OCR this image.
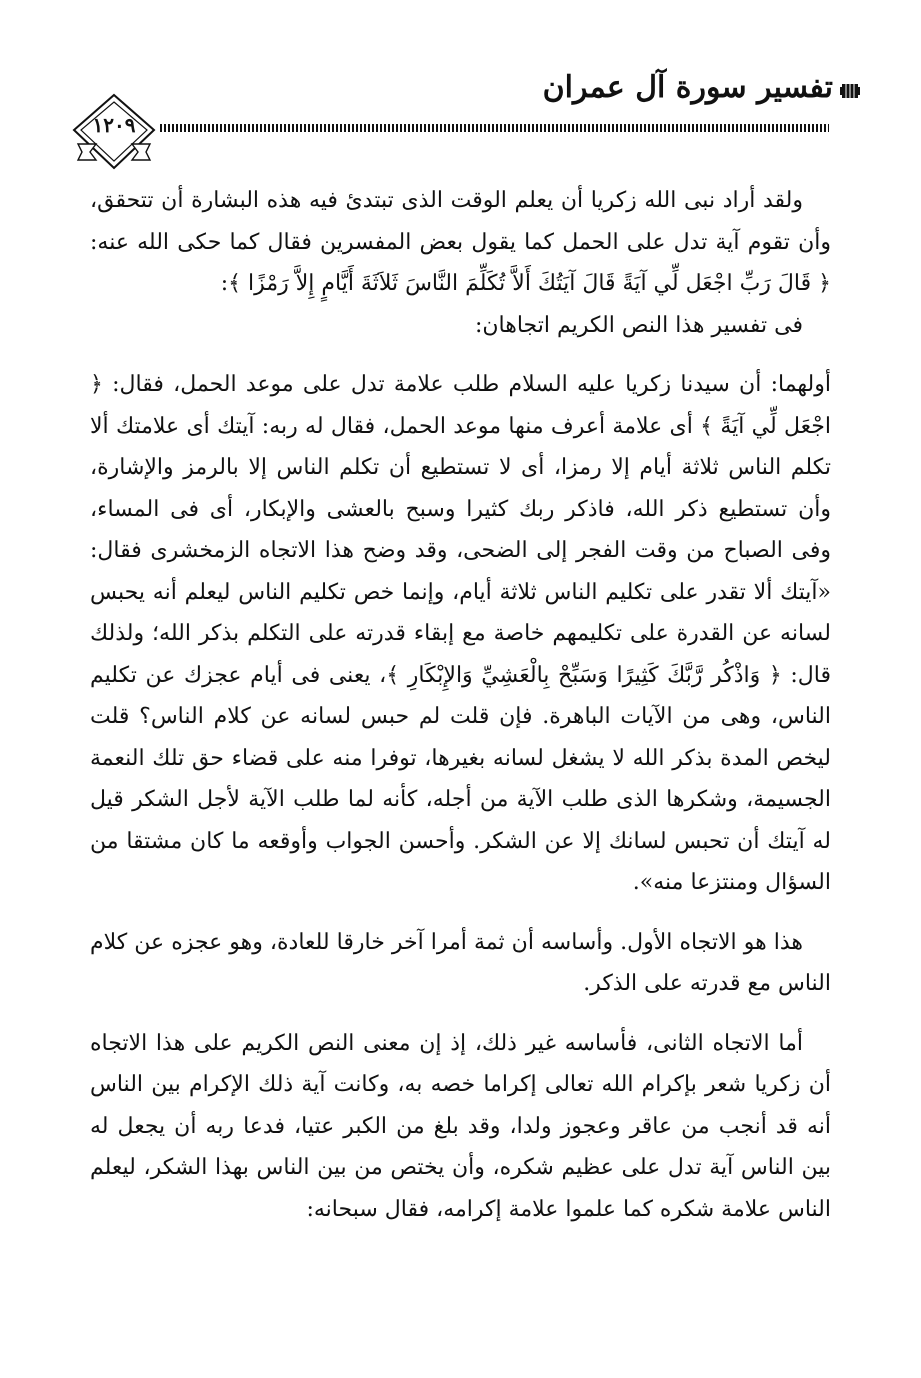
تفسير سورة آل عمران
١٢٠٩

ولقد أراد نبى الله زكريا أن يعلم الوقت الذى تبتدئ فيه هذه البشارة أن تتحقق، وأن تقوم آية تدل على الحمل كما يقول بعض المفسرين فقال كما حكى الله عنه: ﴿ قَالَ رَبِّ اجْعَل لِّي آيَةً قَالَ آيَتُكَ أَلاَّ تُكَلِّمَ النَّاسَ ثَلاَثَةَ أَيَّامٍ إِلاَّ رَمْزًا ﴾:

فى تفسير هذا النص الكريم اتجاهان:

أولهما: أن سيدنا زكريا عليه السلام طلب علامة تدل على موعد الحمل، فقال: ﴿ اجْعَل لِّي آيَةً ﴾ أى علامة أعرف منها موعد الحمل، فقال له ربه: آيتك أى علامتك ألا تكلم الناس ثلاثة أيام إلا رمزا، أى لا تستطيع أن تكلم الناس إلا بالرمز والإشارة، وأن تستطيع ذكر الله، فاذكر ربك كثيرا وسبح بالعشى والإبكار، أى فى المساء، وفى الصباح من وقت الفجر إلى الضحى، وقد وضح هذا الاتجاه الزمخشرى فقال: «آيتك ألا تقدر على تكليم الناس ثلاثة أيام، وإنما خص تكليم الناس ليعلم أنه يحبس لسانه عن القدرة على تكليمهم خاصة مع إبقاء قدرته على التكلم بذكر الله؛ ولذلك قال: ﴿ وَاذْكُر رَّبَّكَ كَثِيرًا وَسَبِّحْ بِالْعَشِيِّ وَالإِبْكَارِ ﴾، يعنى فى أيام عجزك عن تكليم الناس، وهى من الآيات الباهرة. فإن قلت لم حبس لسانه عن كلام الناس؟ قلت ليخص المدة بذكر الله لا يشغل لسانه بغيرها، توفرا منه على قضاء حق تلك النعمة الجسيمة، وشكرها الذى طلب الآية من أجله، كأنه لما طلب الآية لأجل الشكر قيل له آيتك أن تحبس لسانك إلا عن الشكر. وأحسن الجواب وأوقعه ما كان مشتقا من السؤال ومنتزعا منه».

هذا هو الاتجاه الأول. وأساسه أن ثمة أمرا آخر خارقا للعادة، وهو عجزه عن كلام الناس مع قدرته على الذكر.

أما الاتجاه الثانى، فأساسه غير ذلك، إذ إن معنى النص الكريم على هذا الاتجاه أن زكريا شعر بإكرام الله تعالى إكراما خصه به، وكانت آية ذلك الإكرام بين الناس أنه قد أنجب من عاقر وعجوز ولدا، وقد بلغ من الكبر عتيا، فدعا ربه أن يجعل له بين الناس آية تدل على عظيم شكره، وأن يختص من بين الناس بهذا الشكر، ليعلم الناس علامة شكره كما علموا علامة إكرامه، فقال سبحانه:
